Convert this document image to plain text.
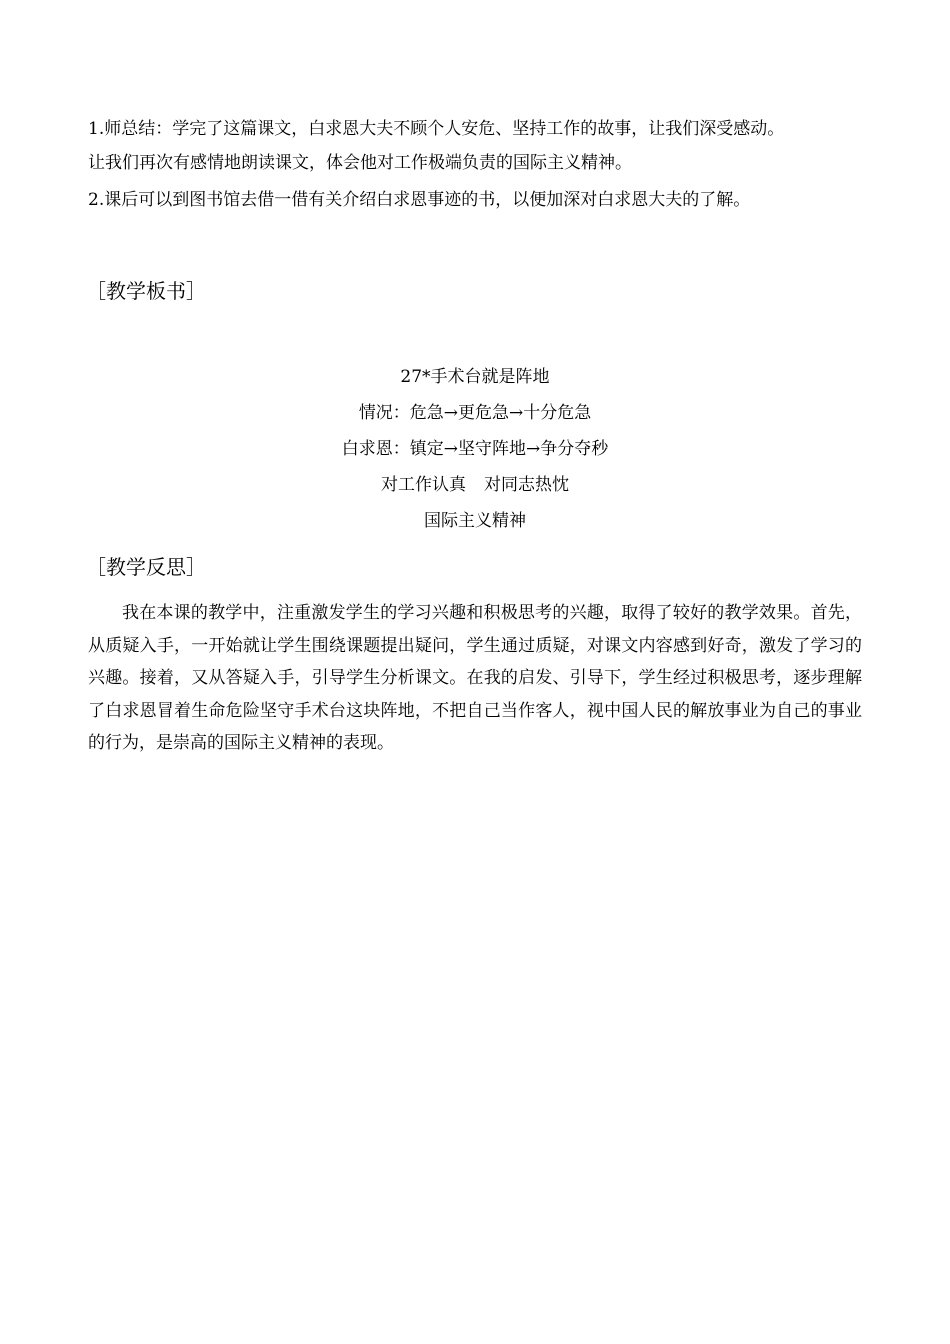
1.师总结：学完了这篇课文，白求恩大夫不顾个人安危、坚持工作的故事，让我们深受感动。
让我们再次有感情地朗读课文，体会他对工作极端负责的国际主义精神。
2.课后可以到图书馆去借一借有关介绍白求恩事迹的书，以便加深对白求恩大夫的了解。
［教学板书］
27*手术台就是阵地
情况：危急→更危急→十分危急
白求恩：镇定→坚守阵地→争分夺秒
对工作认真 对同志热忱
国际主义精神
［教学反思］
我在本课的教学中，注重激发学生的学习兴趣和积极思考的兴趣，取得了较好的教学效果。首先，从质疑入手，一开始就让学生围绕课题提出疑问，学生通过质疑，对课文内容感到好奇，激发了学习的兴趣。接着，又从答疑入手，引导学生分析课文。在我的启发、引导下，学生经过积极思考，逐步理解了白求恩冒着生命危险坚守手术台这块阵地，不把自己当作客人，视中国人民的解放事业为自己的事业的行为，是崇高的国际主义精神的表现。
